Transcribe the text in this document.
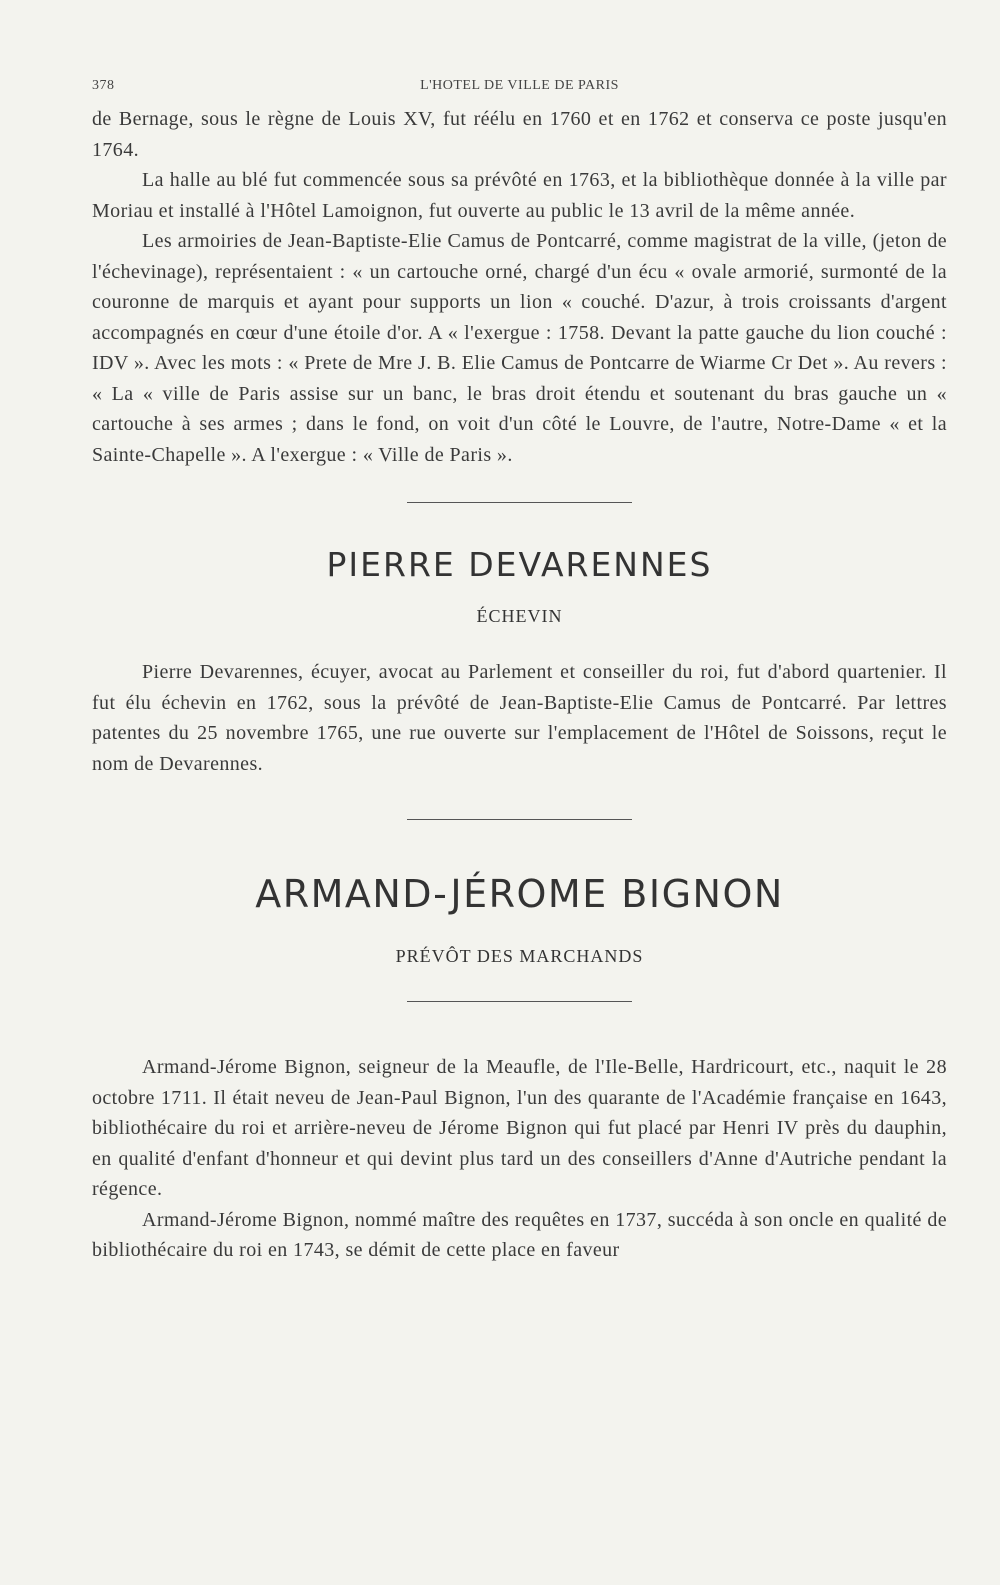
378	L'HOTEL DE VILLE DE PARIS

de Bernage, sous le règne de Louis XV, fut réélu en 1760 et en 1762 et conserva ce poste jusqu'en 1764.

La halle au blé fut commencée sous sa prévôté en 1763, et la bibliothèque donnée à la ville par Moriau et installé à l'Hôtel Lamoignon, fut ouverte au public le 13 avril de la même année.

Les armoiries de Jean-Baptiste-Elie Camus de Pontcarré, comme magistrat de la ville, (jeton de l'échevinage), représentaient : « un cartouche orné, chargé d'un écu « ovale armorié, surmonté de la couronne de marquis et ayant pour supports un lion « couché. D'azur, à trois croissants d'argent accompagnés en cœur d'une étoile d'or. A « l'exergue : 1758. Devant la patte gauche du lion couché : IDV ». Avec les mots : « Prete de Mre J. B. Elie Camus de Pontcarre de Wiarme Cr Det ». Au revers : « La « ville de Paris assise sur un banc, le bras droit étendu et soutenant du bras gauche un « cartouche à ses armes ; dans le fond, on voit d'un côté le Louvre, de l'autre, Notre-Dame « et la Sainte-Chapelle ». A l'exergue : « Ville de Paris ».

PIERRE DEVARENNES

ÉCHEVIN

Pierre Devarennes, écuyer, avocat au Parlement et conseiller du roi, fut d'abord quartenier. Il fut élu échevin en 1762, sous la prévôté de Jean-Baptiste-Elie Camus de Pontcarré. Par lettres patentes du 25 novembre 1765, une rue ouverte sur l'emplacement de l'Hôtel de Soissons, reçut le nom de Devarennes.

ARMAND-JÉROME BIGNON

PRÉVÔT DES MARCHANDS

Armand-Jérome Bignon, seigneur de la Meaufle, de l'Ile-Belle, Hardricourt, etc., naquit le 28 octobre 1711. Il était neveu de Jean-Paul Bignon, l'un des quarante de l'Académie française en 1643, bibliothécaire du roi et arrière-neveu de Jérome Bignon qui fut placé par Henri IV près du dauphin, en qualité d'enfant d'honneur et qui devint plus tard un des conseillers d'Anne d'Autriche pendant la régence.

Armand-Jérome Bignon, nommé maître des requêtes en 1737, succéda à son oncle en qualité de bibliothécaire du roi en 1743, se démit de cette place en faveur
